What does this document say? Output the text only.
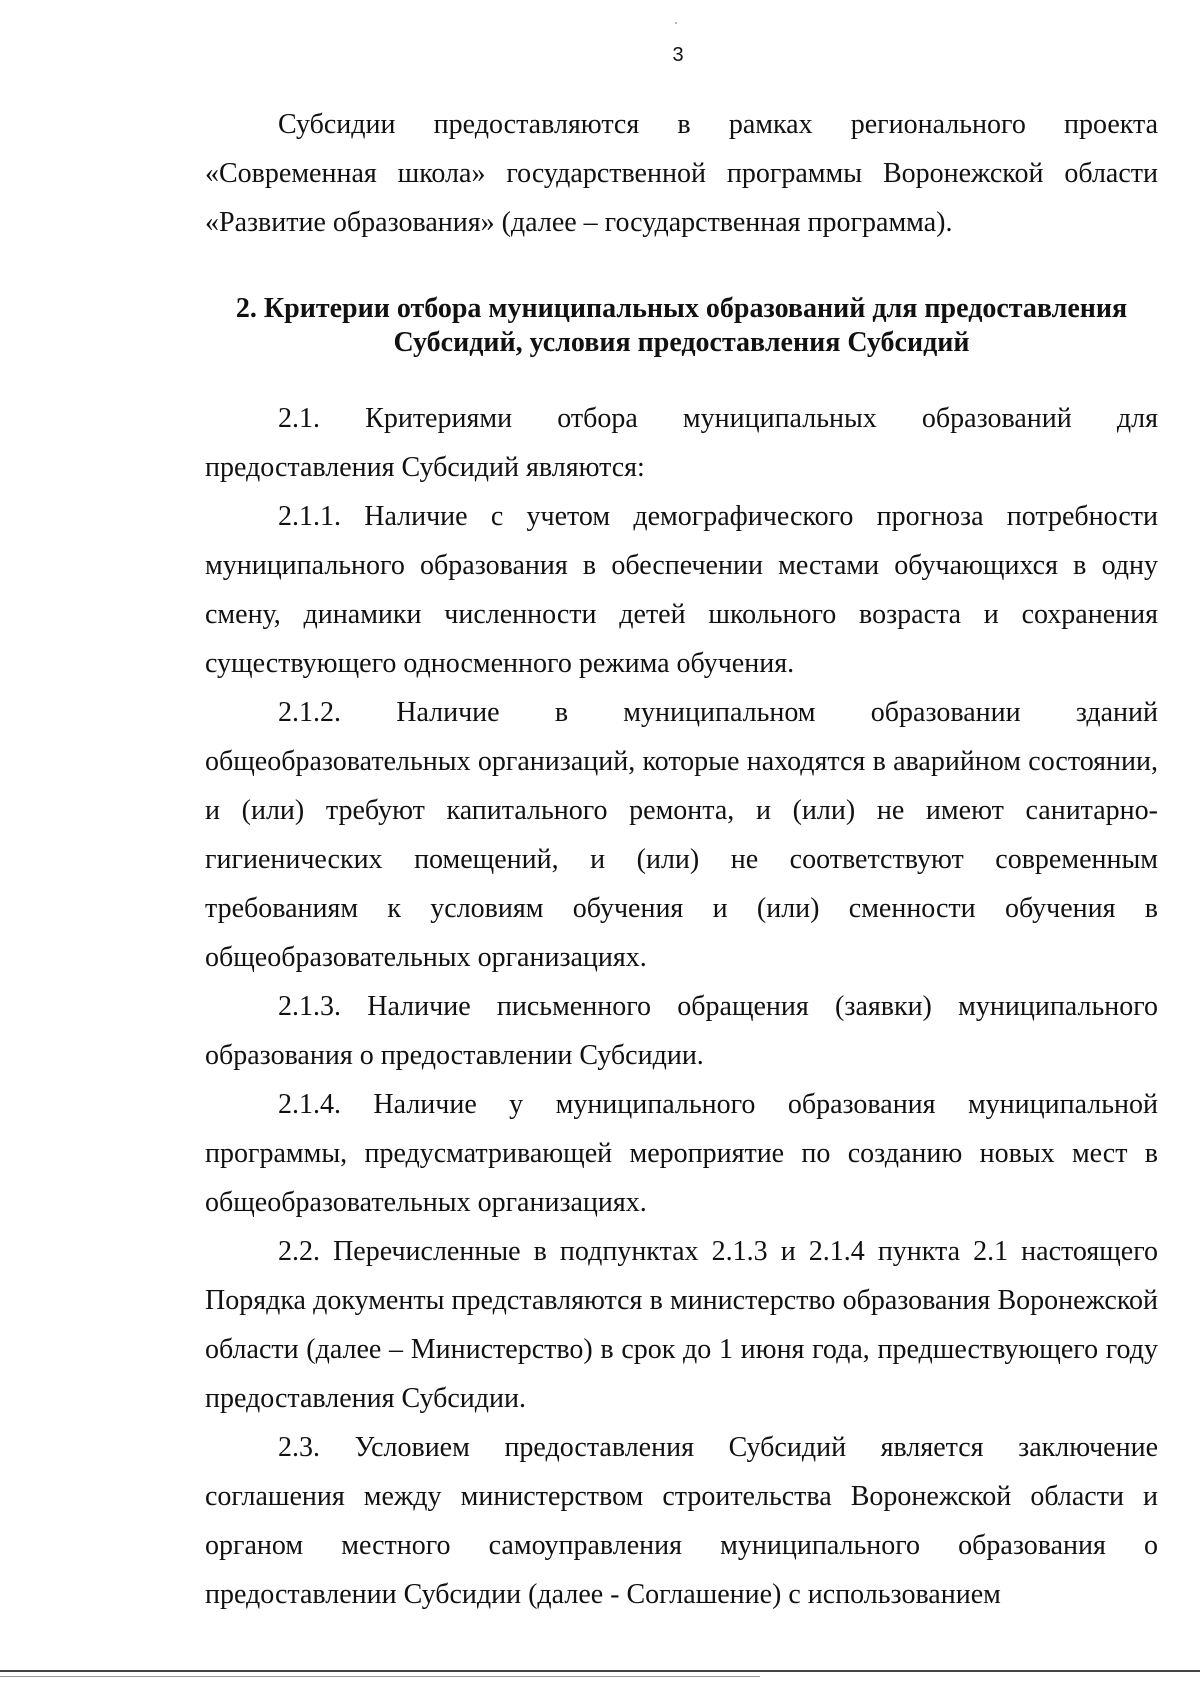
3

Субсидии предоставляются в рамках регионального проекта «Современная школа» государственной программы Воронежской области «Развитие образования» (далее – государственная программа).

2. Критерии отбора муниципальных образований для предоставления
Субсидий, условия предоставления Субсидий

2.1. Критериями отбора муниципальных образований для предоставления Субсидий являются:

2.1.1. Наличие с учетом демографического прогноза потребности муниципального образования в обеспечении местами обучающихся в одну смену, динамики численности детей школьного возраста и сохранения существующего односменного режима обучения.

2.1.2. Наличие в муниципальном образовании зданий общеобразовательных организаций, которые находятся в аварийном состоянии, и (или) требуют капитального ремонта, и (или) не имеют санитарно-гигиенических помещений, и (или) не соответствуют современным требованиям к условиям обучения и (или) сменности обучения в общеобразовательных организациях.

2.1.3. Наличие письменного обращения (заявки) муниципального образования о предоставлении Субсидии.

2.1.4. Наличие у муниципального образования муниципальной программы, предусматривающей мероприятие по созданию новых мест в общеобразовательных организациях.

2.2. Перечисленные в подпунктах 2.1.3 и 2.1.4 пункта 2.1 настоящего Порядка документы представляются в министерство образования Воронежской области (далее – Министерство) в срок до 1 июня года, предшествующего году предоставления Субсидии.

2.3. Условием предоставления Субсидий является заключение соглашения между министерством строительства Воронежской области и органом местного самоуправления муниципального образования о предоставлении Субсидии (далее - Соглашение) с использованием
